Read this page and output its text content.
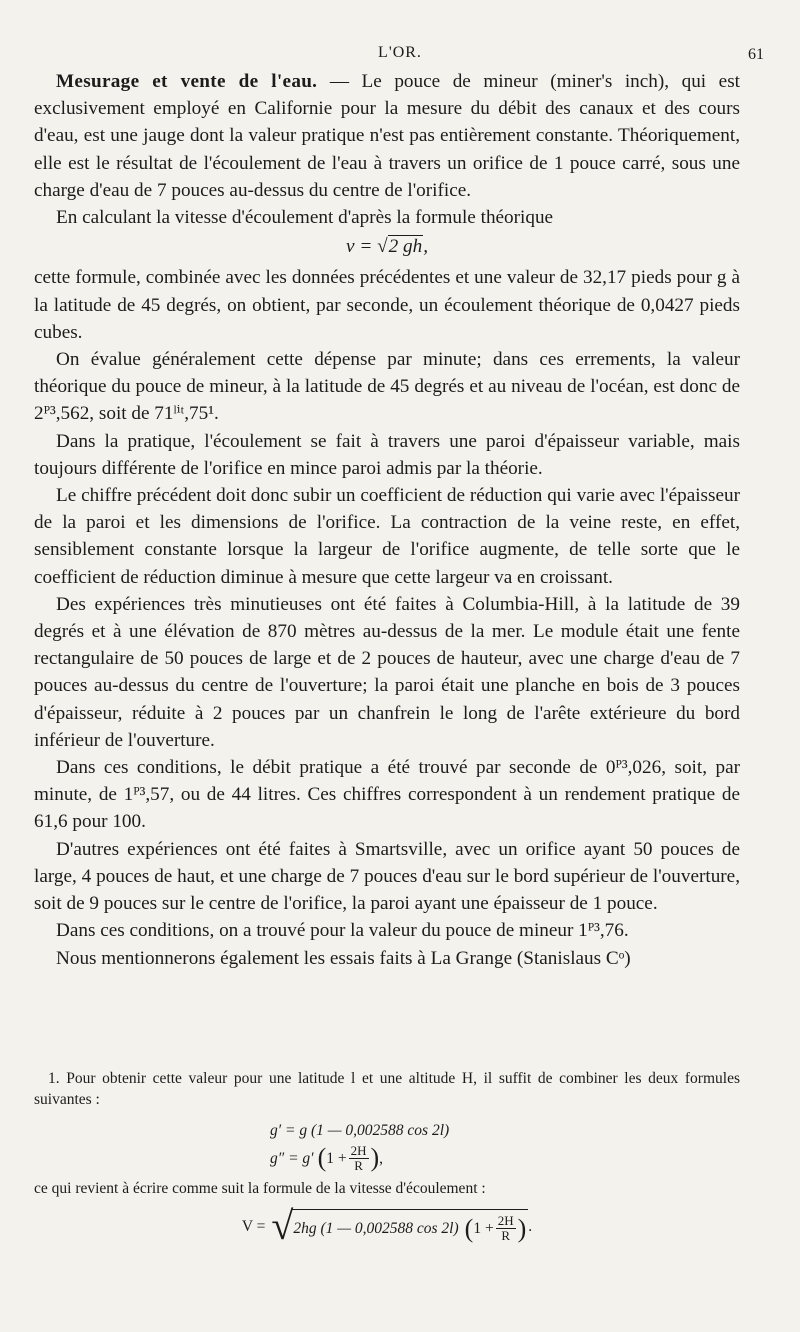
L'OR.	61

Mesurage et vente de l'eau. — Le pouce de mineur (miner's inch), qui est exclusivement employé en Californie pour la mesure du débit des canaux et des cours d'eau, est une jauge dont la valeur pratique n'est pas entièrement constante. Théoriquement, elle est le résultat de l'écoulement de l'eau à travers un orifice de 1 pouce carré, sous une charge d'eau de 7 pouces au-dessus du centre de l'orifice.

En calculant la vitesse d'écoulement d'après la formule théorique

v = √2 gh,

cette formule, combinée avec les données précédentes et une valeur de 32,17 pieds pour g à la latitude de 45 degrés, on obtient, par seconde, un écoulement théorique de 0,0427 pieds cubes.

On évalue généralement cette dépense par minute; dans ces errements, la valeur théorique du pouce de mineur, à la latitude de 45 degrés et au niveau de l'océan, est donc de 2ᴾ³,562, soit de 71ˡⁱᵗ,75¹.

Dans la pratique, l'écoulement se fait à travers une paroi d'épaisseur variable, mais toujours différente de l'orifice en mince paroi admis par la théorie.

Le chiffre précédent doit donc subir un coefficient de réduction qui varie avec l'épaisseur de la paroi et les dimensions de l'orifice. La contraction de la veine reste, en effet, sensiblement constante lorsque la largeur de l'orifice augmente, de telle sorte que le coefficient de réduction diminue à mesure que cette largeur va en croissant.

Des expériences très minutieuses ont été faites à Columbia-Hill, à la latitude de 39 degrés et à une élévation de 870 mètres au-dessus de la mer. Le module était une fente rectangulaire de 50 pouces de large et de 2 pouces de hauteur, avec une charge d'eau de 7 pouces au-dessus du centre de l'ouverture; la paroi était une planche en bois de 3 pouces d'épaisseur, réduite à 2 pouces par un chanfrein le long de l'arête extérieure du bord inférieur de l'ouverture.

Dans ces conditions, le débit pratique a été trouvé par seconde de 0ᴾ³,026, soit, par minute, de 1ᴾ³,57, ou de 44 litres. Ces chiffres correspondent à un rendement pratique de 61,6 pour 100.

D'autres expériences ont été faites à Smartsville, avec un orifice ayant 50 pouces de large, 4 pouces de haut, et une charge de 7 pouces d'eau sur le bord supérieur de l'ouverture, soit de 9 pouces sur le centre de l'orifice, la paroi ayant une épaisseur de 1 pouce.

Dans ces conditions, on a trouvé pour la valeur du pouce de mineur 1ᴾ³,76.

Nous mentionnerons également les essais faits à La Grange (Stanislaus Cᵒ)

1. Pour obtenir cette valeur pour une latitude l et une altitude H, il suffit de combiner les deux formules suivantes :

g′ = g (1 — 0,002588 cos 2l)
g″ = g′ ( $1 + \frac{2H}{R}$ ) ,

ce qui revient à écrire comme suit la formule de la vitesse d'écoulement :

V = √ 2hg (1 — 0,002588 cos 2l) ( $1 + \frac{2H}{R}$ ) .
